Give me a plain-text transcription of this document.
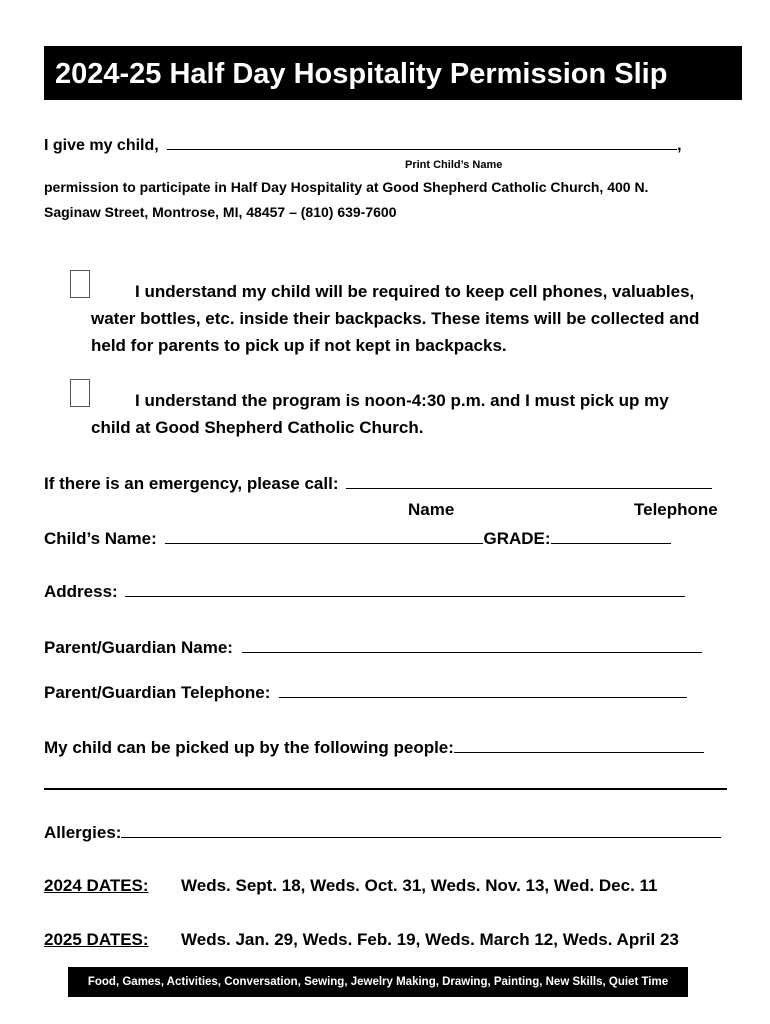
2024-25 Half Day Hospitality Permission Slip
I give my child,	,
Print Child’s Name
permission to participate in Half Day Hospitality at Good Shepherd Catholic Church, 400 N.
Saginaw Street, Montrose, MI, 48457 – (810) 639-7600
I understand my child will be required to keep cell phones, valuables,
water bottles, etc. inside their backpacks. These items will be collected and
held for parents to pick up if not kept in backpacks.
I understand the program is noon-4:30 p.m. and I must pick up my
child at Good Shepherd Catholic Church.
If there is an emergency, please call:
Name	Telephone
Child’s Name:	GRADE:
Address:
Parent/Guardian Name:
Parent/Guardian Telephone:
My child can be picked up by the following people:
Allergies:
2024 DATES: Weds. Sept. 18, Weds. Oct. 31, Weds. Nov. 13, Wed. Dec. 11
2025 DATES: Weds. Jan. 29, Weds. Feb. 19, Weds. March 12, Weds. April 23
Food, Games, Activities, Conversation, Sewing, Jewelry Making, Drawing, Painting, New Skills, Quiet Time
